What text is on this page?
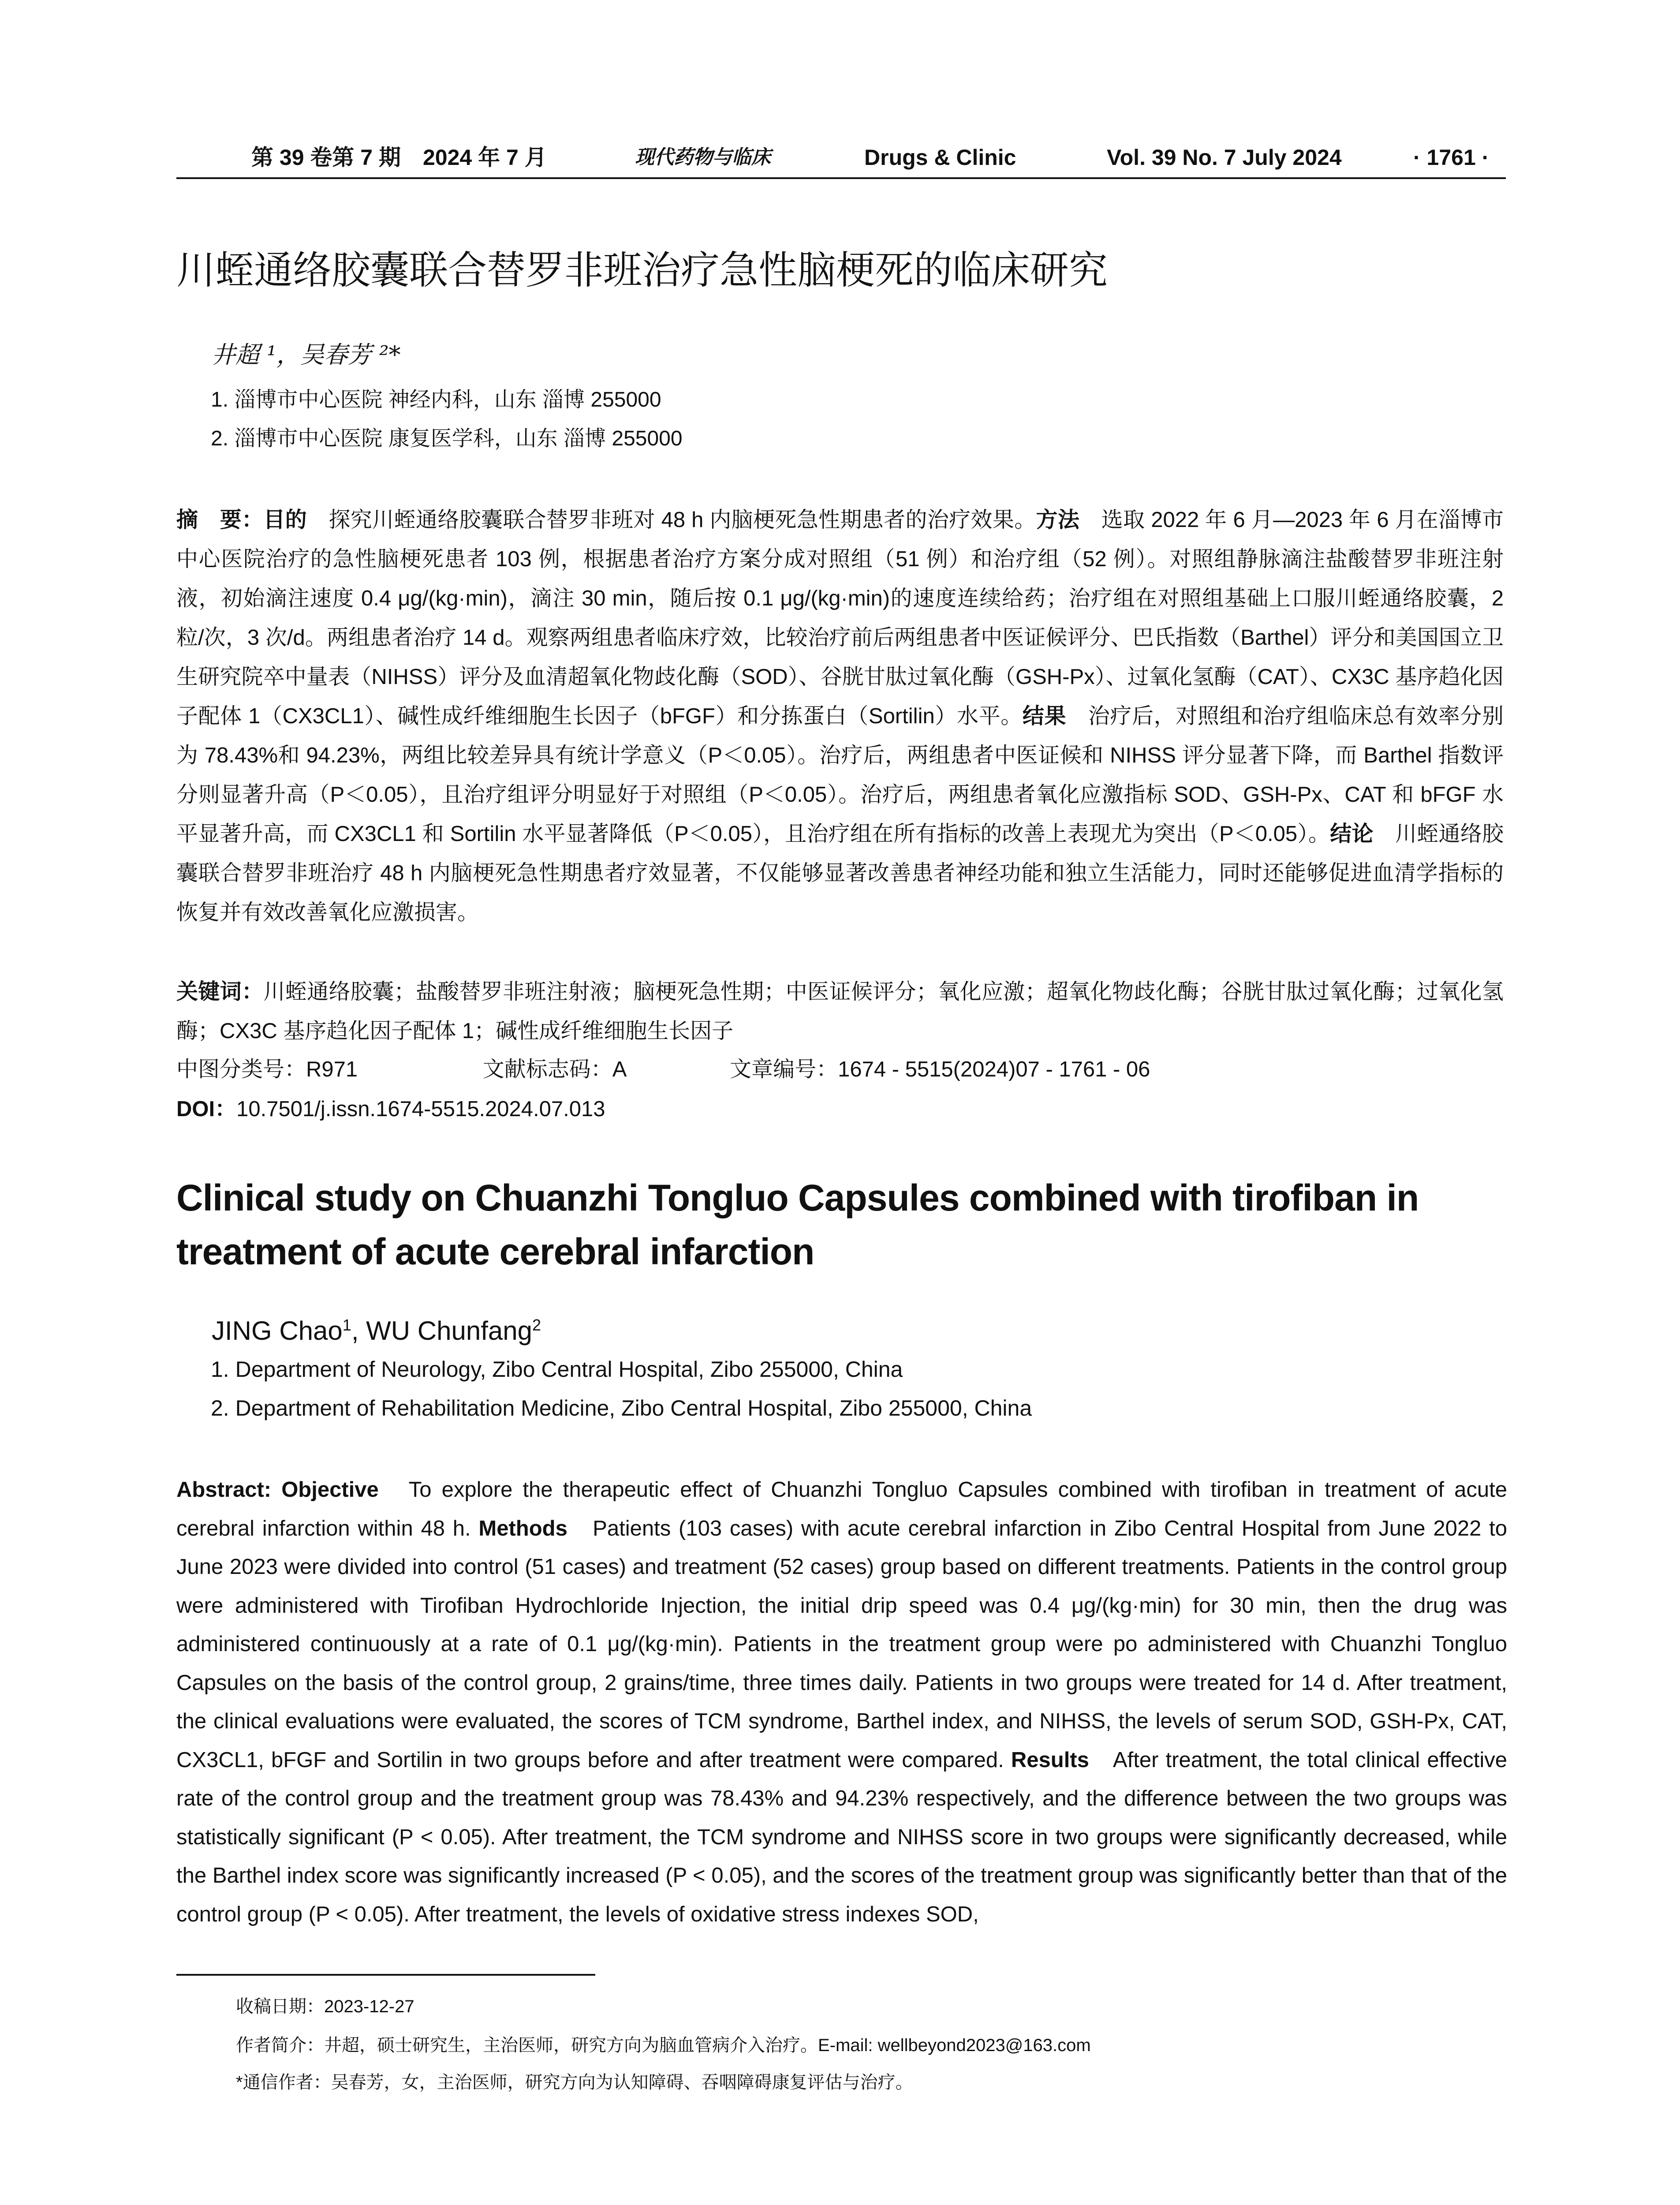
第 39 卷第 7 期　2024 年 7 月	现代药物与临床	Drugs & Clinic	Vol. 39 No. 7 July 2024	· 1761 ·
川蛭通络胶囊联合替罗非班治疗急性脑梗死的临床研究
井超 ¹，吴春芳 ²*
1. 淄博市中心医院 神经内科，山东 淄博 255000
2. 淄博市中心医院 康复医学科，山东 淄博 255000

摘　要：目的　探究川蛭通络胶囊联合替罗非班对 48 h 内脑梗死急性期患者的治疗效果。方法　选取 2022 年 6 月—2023 年 6 月在淄博市中心医院治疗的急性脑梗死患者 103 例，根据患者治疗方案分成对照组（51 例）和治疗组（52 例）。对照组静脉滴注盐酸替罗非班注射液，初始滴注速度 0.4 μg/(kg·min)，滴注 30 min，随后按 0.1 μg/(kg·min)的速度连续给药；治疗组在对照组基础上口服川蛭通络胶囊，2 粒/次，3 次/d。两组患者治疗 14 d。观察两组患者临床疗效，比较治疗前后两组患者中医证候评分、巴氏指数（Barthel）评分和美国国立卫生研究院卒中量表（NIHSS）评分及血清超氧化物歧化酶（SOD）、谷胱甘肽过氧化酶（GSH-Px）、过氧化氢酶（CAT）、CX3C 基序趋化因子配体 1（CX3CL1）、碱性成纤维细胞生长因子（bFGF）和分拣蛋白（Sortilin）水平。结果　治疗后，对照组和治疗组临床总有效率分别为 78.43%和 94.23%，两组比较差异具有统计学意义（P＜0.05）。治疗后，两组患者中医证候和 NIHSS 评分显著下降，而 Barthel 指数评分则显著升高（P＜0.05），且治疗组评分明显好于对照组（P＜0.05）。治疗后，两组患者氧化应激指标 SOD、GSH-Px、CAT 和 bFGF 水平显著升高，而 CX3CL1 和 Sortilin 水平显著降低（P＜0.05），且治疗组在所有指标的改善上表现尤为突出（P＜0.05）。结论　川蛭通络胶囊联合替罗非班治疗 48 h 内脑梗死急性期患者疗效显著，不仅能够显著改善患者神经功能和独立生活能力，同时还能够促进血清学指标的恢复并有效改善氧化应激损害。

关键词：川蛭通络胶囊；盐酸替罗非班注射液；脑梗死急性期；中医证候评分；氧化应激；超氧化物歧化酶；谷胱甘肽过氧化酶；过氧化氢酶；CX3C 基序趋化因子配体 1；碱性成纤维细胞生长因子

中图分类号：R971	文献标志码：A	文章编号：1674 - 5515(2024)07 - 1761 - 06
DOI：10.7501/j.issn.1674-5515.2024.07.013
Clinical study on Chuanzhi Tongluo Capsules combined with tirofiban in treatment of acute cerebral infarction
JING Chao$^1$, WU Chunfang$^2$
1. Department of Neurology, Zibo Central Hospital, Zibo 255000, China
2. Department of Rehabilitation Medicine, Zibo Central Hospital, Zibo 255000, China

Abstract: Objective　To explore the therapeutic effect of Chuanzhi Tongluo Capsules combined with tirofiban in treatment of acute cerebral infarction within 48 h. Methods　Patients (103 cases) with acute cerebral infarction in Zibo Central Hospital from June 2022 to June 2023 were divided into control (51 cases) and treatment (52 cases) group based on different treatments. Patients in the control group were administered with Tirofiban Hydrochloride Injection, the initial drip speed was 0.4 μg/(kg·min) for 30 min, then the drug was administered continuously at a rate of 0.1 μg/(kg·min). Patients in the treatment group were po administered with Chuanzhi Tongluo Capsules on the basis of the control group, 2 grains/time, three times daily. Patients in two groups were treated for 14 d. After treatment, the clinical evaluations were evaluated, the scores of TCM syndrome, Barthel index, and NIHSS, the levels of serum SOD, GSH-Px, CAT, CX3CL1, bFGF and Sortilin in two groups before and after treatment were compared. Results　After treatment, the total clinical effective rate of the control group and the treatment group was 78.43% and 94.23% respectively, and the difference between the two groups was statistically significant (P < 0.05). After treatment, the TCM syndrome and NIHSS score in two groups were significantly decreased, while the Barthel index score was significantly increased (P < 0.05), and the scores of the treatment group was significantly better than that of the control group (P < 0.05). After treatment, the levels of oxidative stress indexes SOD,

收稿日期：2023-12-27
作者简介：井超，硕士研究生，主治医师，研究方向为脑血管病介入治疗。E-mail: wellbeyond2023@163.com
*通信作者：吴春芳，女，主治医师，研究方向为认知障碍、吞咽障碍康复评估与治疗。
